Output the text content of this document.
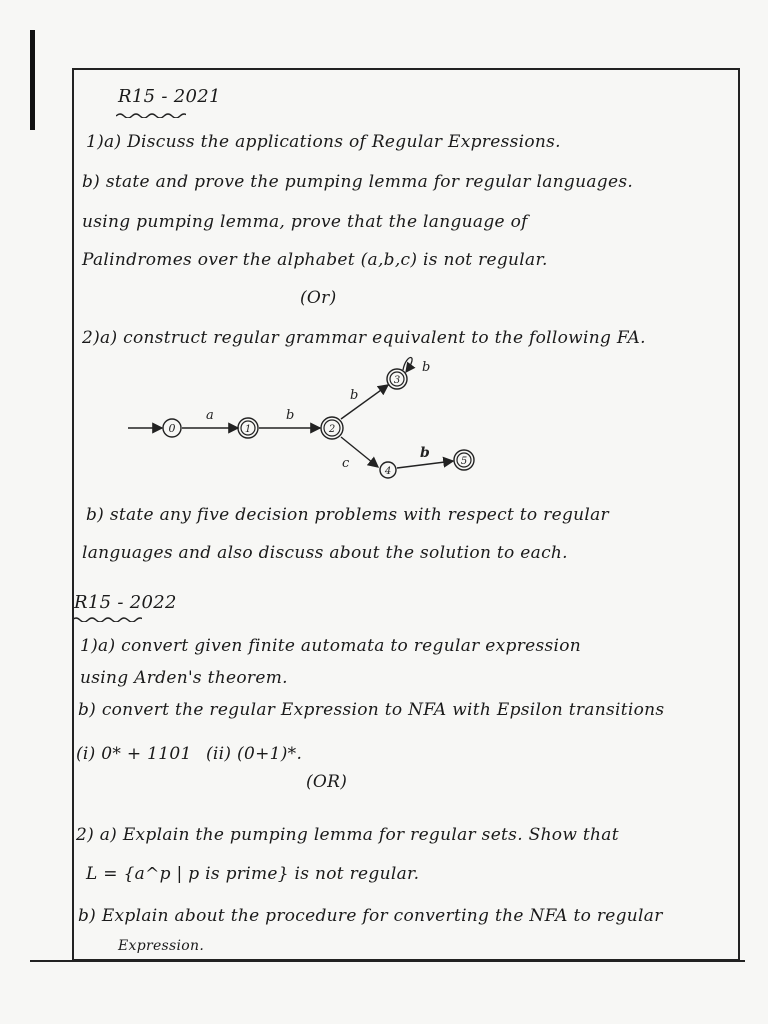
R15 - 2021
1)a) Discuss the applications of Regular Expressions.
b) state and prove the pumping lemma for regular languages.
using pumping lemma, prove that the language of
Palindromes over the alphabet (a,b,c) is not regular.
(Or)
2)a) construct regular grammar equivalent to the following FA.
0
a
1
b
2
b
3
b
c
4
b
5
b) state any five decision problems with respect to regular
languages and also discuss about the solution to each.
R15 - 2022
1)a) convert given finite automata to regular expression
using Arden's theorem.
b) convert the regular Expression to NFA with Epsilon transitions
(i) 0* + 1101 (ii) (0+1)*.
(OR)
2) a) Explain the pumping lemma for regular sets. Show that
L = {a^p | p is prime} is not regular.
b) Explain about the procedure for converting the NFA to regular
Expression.
